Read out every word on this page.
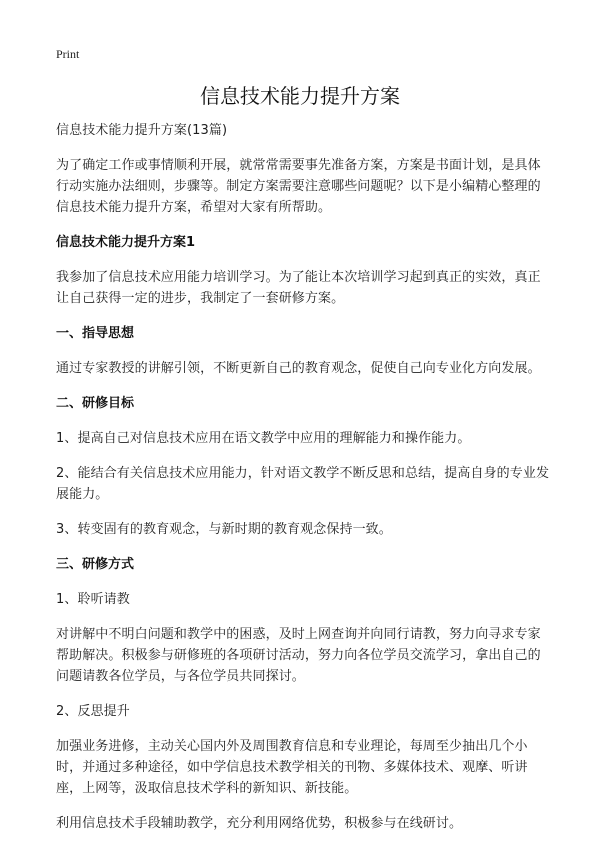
Print
信息技术能力提升方案

信息技术能力提升方案(13篇)

为了确定工作或事情顺利开展，就常常需要事先准备方案，方案是书面计划，是具体行动实施办法细则，步骤等。制定方案需要注意哪些问题呢？以下是小编精心整理的信息技术能力提升方案，希望对大家有所帮助。

信息技术能力提升方案1

我参加了信息技术应用能力培训学习。为了能让本次培训学习起到真正的实效，真正让自己获得一定的进步，我制定了一套研修方案。

一、指导思想

通过专家教授的讲解引领，不断更新自己的教育观念，促使自己向专业化方向发展。

二、研修目标

1、提高自己对信息技术应用在语文教学中应用的理解能力和操作能力。

2、能结合有关信息技术应用能力，针对语文教学不断反思和总结，提高自身的专业发展能力。

3、转变固有的教育观念，与新时期的教育观念保持一致。

三、研修方式

1、聆听请教

对讲解中不明白问题和教学中的困惑，及时上网查询并向同行请教，努力向寻求专家帮助解决。积极参与研修班的各项研讨活动，努力向各位学员交流学习，拿出自己的问题请教各位学员，与各位学员共同探讨。

2、反思提升

加强业务进修，主动关心国内外及周围教育信息和专业理论，每周至少抽出几个小时，并通过多种途径，如中学信息技术教学相关的刊物、多媒体技术、观摩、听讲座，上网等，汲取信息技术学科的新知识、新技能。

利用信息技术手段辅助教学，充分利用网络优势，积极参与在线研讨。
